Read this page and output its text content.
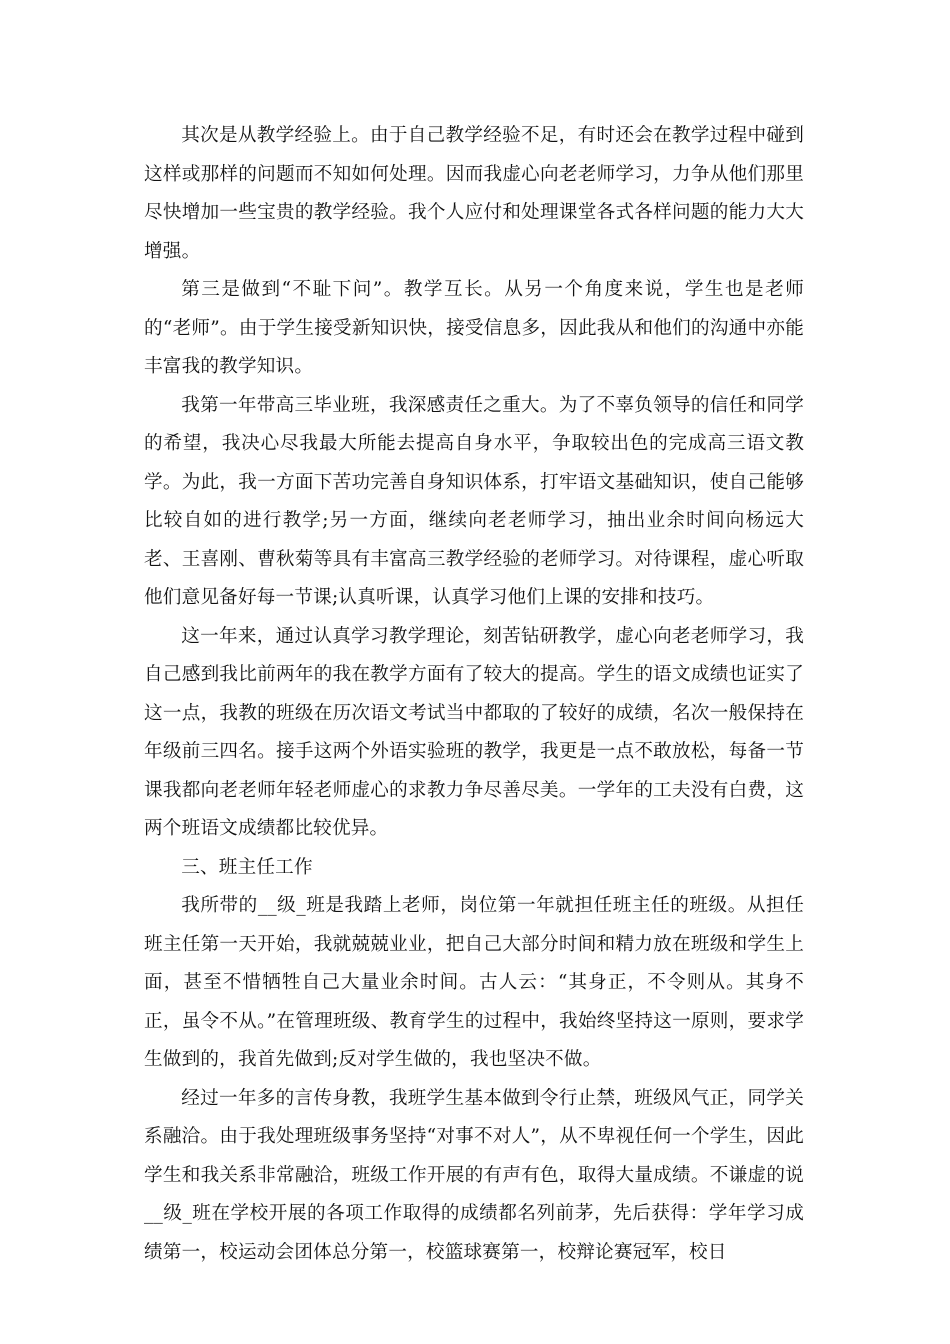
其次是从教学经验上。由于自己教学经验不足，有时还会在教学过程中碰到这样或那样的问题而不知如何处理。因而我虚心向老老师学习，力争从他们那里尽快增加一些宝贵的教学经验。我个人应付和处理课堂各式各样问题的能力大大增强。

第三是做到“不耻下问”。教学互长。从另一个角度来说，学生也是老师的“老师”。由于学生接受新知识快，接受信息多，因此我从和他们的沟通中亦能丰富我的教学知识。

我第一年带高三毕业班，我深感责任之重大。为了不辜负领导的信任和同学的希望，我决心尽我最大所能去提高自身水平，争取较出色的完成高三语文教学。为此，我一方面下苦功完善自身知识体系，打牢语文基础知识，使自己能够比较自如的进行教学;另一方面，继续向老老师学习，抽出业余时间向杨远大老、王喜刚、曹秋菊等具有丰富高三教学经验的老师学习。对待课程，虚心听取他们意见备好每一节课;认真听课，认真学习他们上课的安排和技巧。

这一年来，通过认真学习教学理论，刻苦钻研教学，虚心向老老师学习，我自己感到我比前两年的我在教学方面有了较大的提高。学生的语文成绩也证实了这一点，我教的班级在历次语文考试当中都取的了较好的成绩，名次一般保持在年级前三四名。接手这两个外语实验班的教学，我更是一点不敢放松，每备一节课我都向老老师年轻老师虚心的求教力争尽善尽美。一学年的工夫没有白费，这两个班语文成绩都比较优异。

三、班主任工作

我所带的__级_班是我踏上老师，岗位第一年就担任班主任的班级。从担任班主任第一天开始，我就兢兢业业，把自己大部分时间和精力放在班级和学生上面，甚至不惜牺牲自己大量业余时间。古人云：“其身正，不令则从。其身不正，虽令不从。”在管理班级、教育学生的过程中，我始终坚持这一原则，要求学生做到的，我首先做到;反对学生做的，我也坚决不做。

经过一年多的言传身教，我班学生基本做到令行止禁，班级风气正，同学关系融洽。由于我处理班级事务坚持“对事不对人”，从不卑视任何一个学生，因此学生和我关系非常融洽，班级工作开展的有声有色，取得大量成绩。不谦虚的说__级_班在学校开展的各项工作取得的成绩都名列前茅，先后获得：学年学习成绩第一，校运动会团体总分第一，校篮球赛第一，校辩论赛冠军，校日
